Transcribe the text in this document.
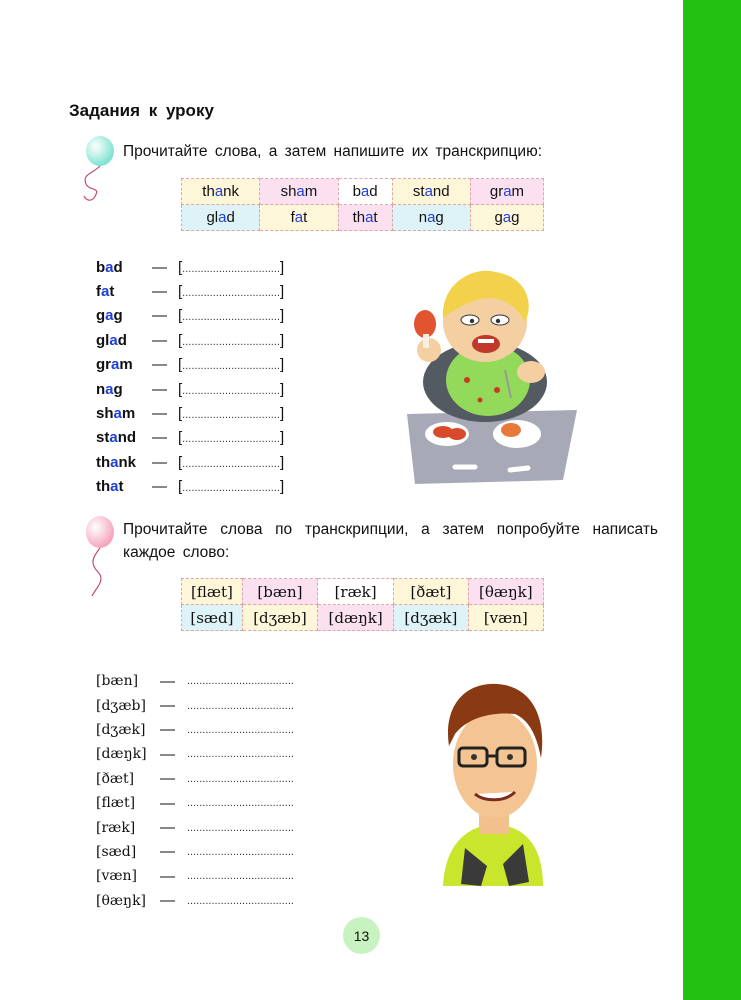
Задания к уроку
Прочитайте слова, а затем напишите их транскрипцию:
thank	sham	bad	stand	gram
glad	fat	that	nag	gag
bad	— [................................]
fat	— [................................]
gag	— [................................]
glad	— [................................]
gram	— [................................]
nag	— [................................]
sham	— [................................]
stand	— [................................]
thank	— [................................]
that	— [................................]
Прочитайте слова по транскрипции, а затем попробуйте написать каждое слово:
[flæt]	[bæn]	[ræk]	[ðæt]	[θæŋk]
[sæd]	[dʒæb]	[dæŋk]	[dʒæk]	[væn]
[bæn]	—	...................................
[dʒæb] —	...................................
[dʒæk] —	...................................
[dæŋk] —	...................................
[ðæt]	—	...................................
[flæt]	—	...................................
[ræk]	—	...................................
[sæd]	—	...................................
[væn]	—	...................................
[θæŋk] —	...................................
13
